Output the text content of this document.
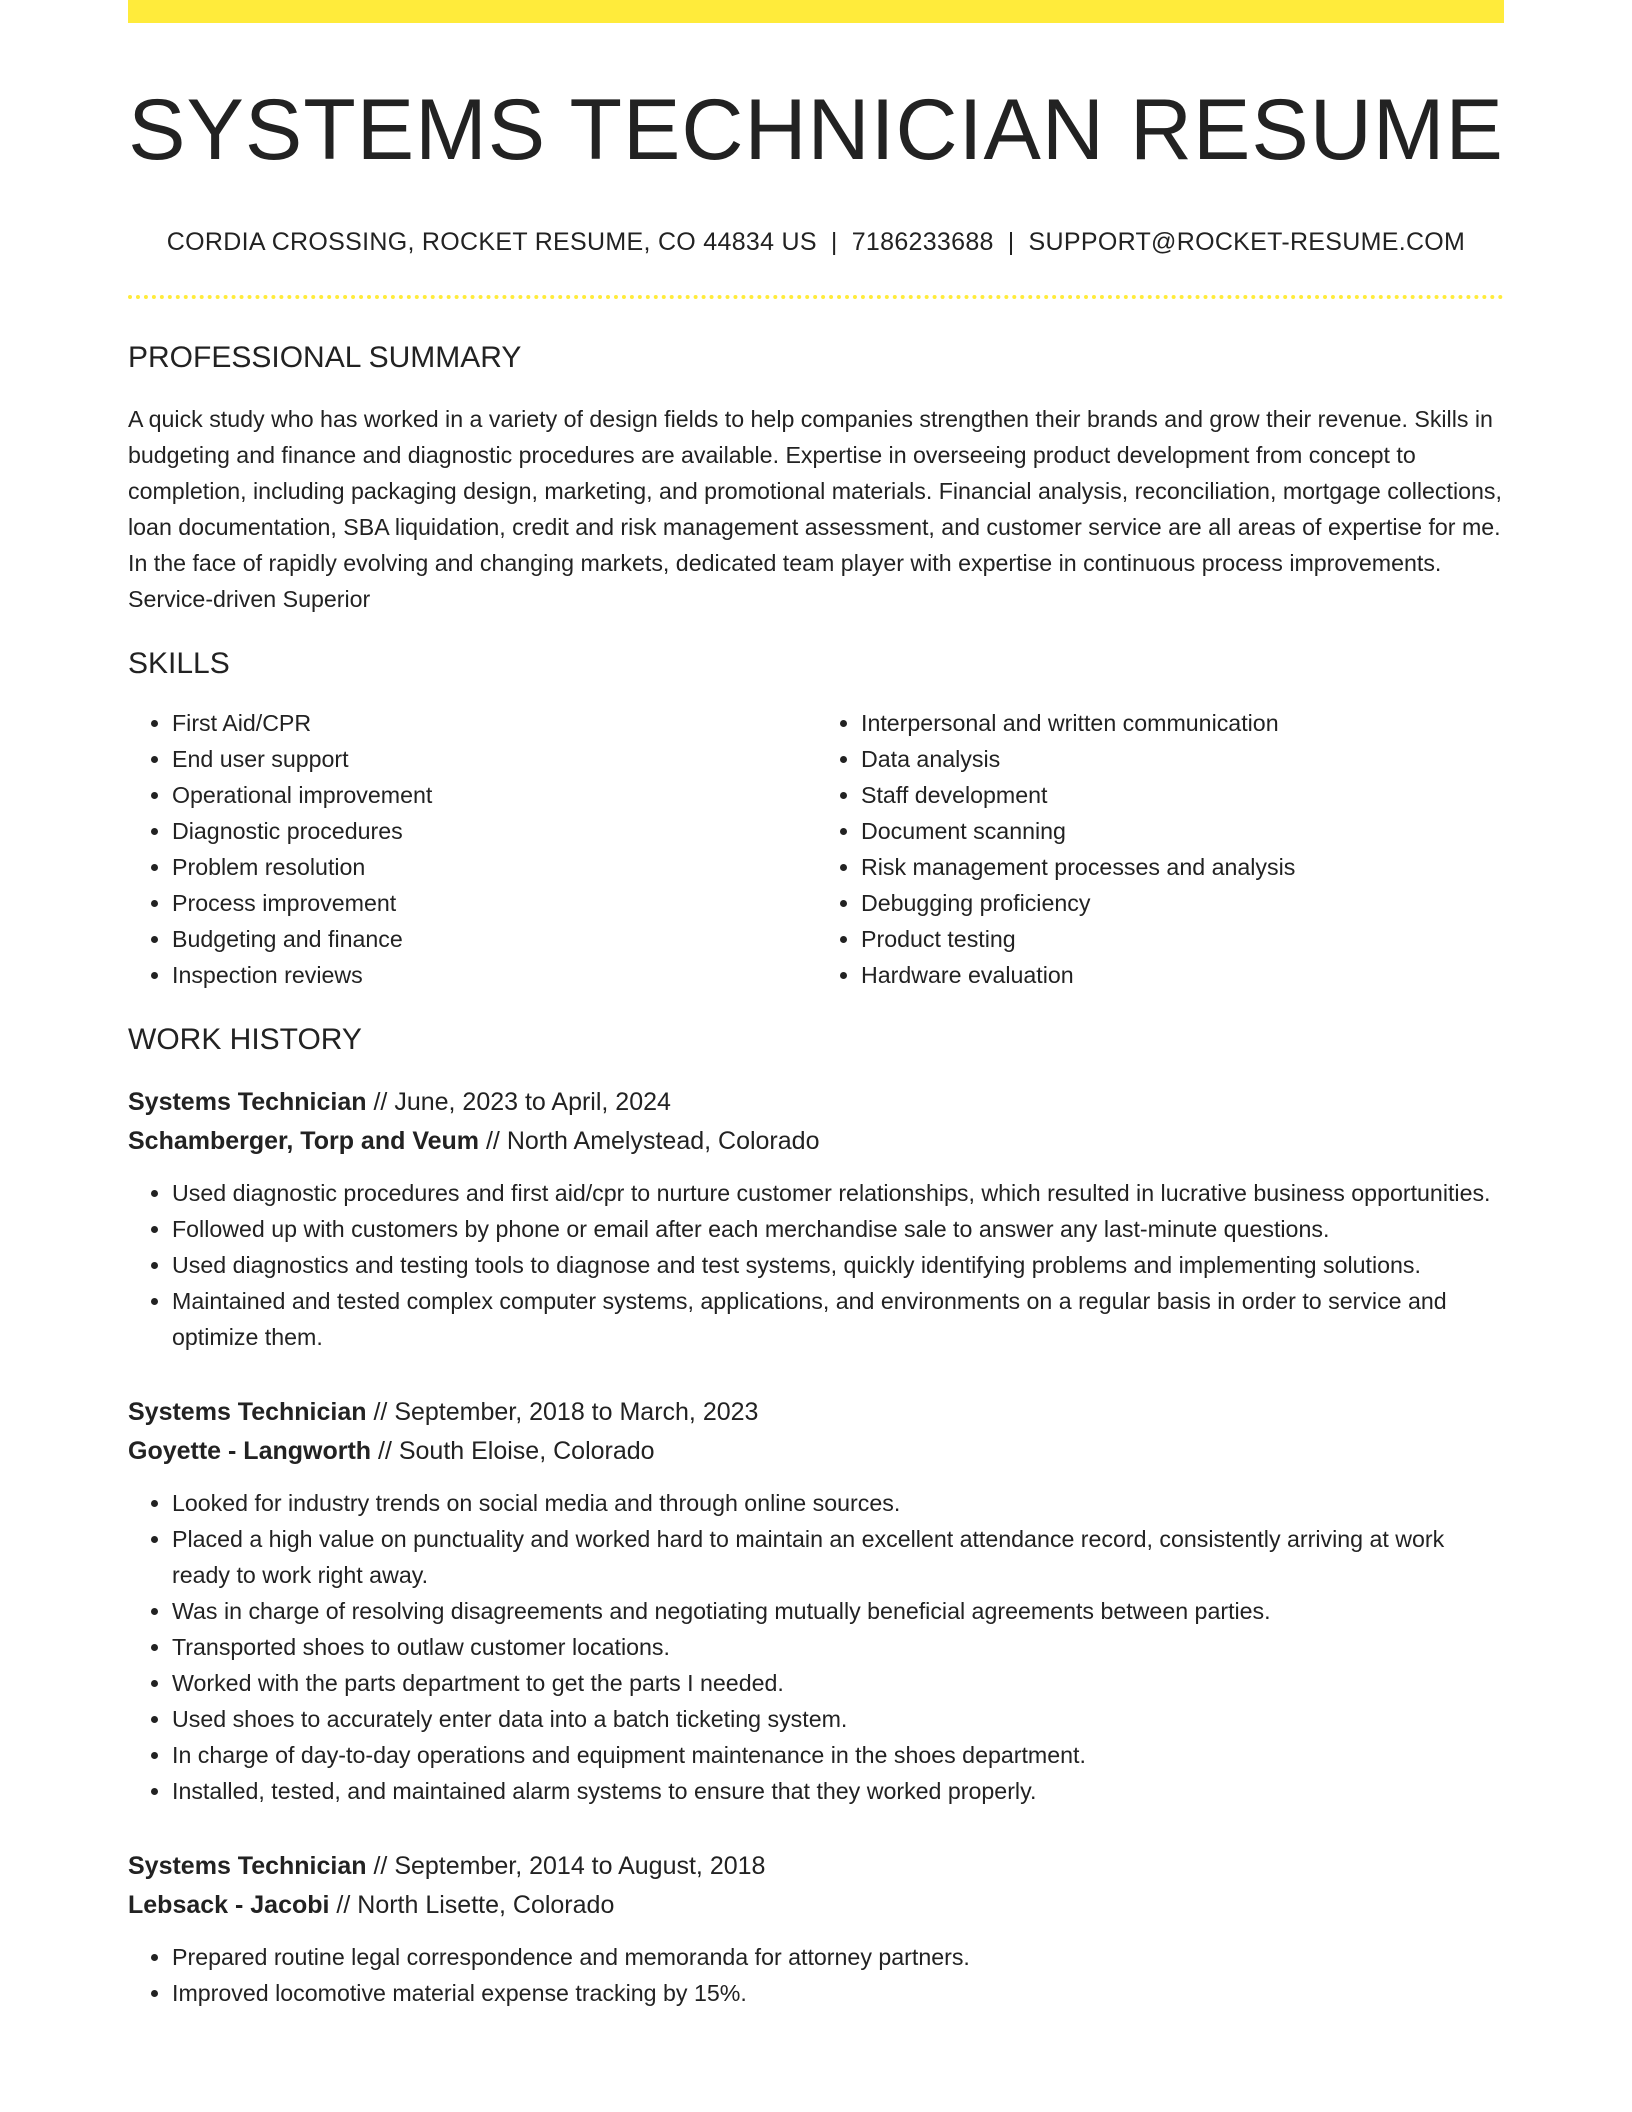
SYSTEMS TECHNICIAN RESUME
CORDIA CROSSING, ROCKET RESUME, CO 44834 US | 7186233688 | SUPPORT@ROCKET-RESUME.COM
PROFESSIONAL SUMMARY

A quick study who has worked in a variety of design fields to help companies strengthen their brands and grow their revenue. Skills in budgeting and finance and diagnostic procedures are available. Expertise in overseeing product development from concept to completion, including packaging design, marketing, and promotional materials. Financial analysis, reconciliation, mortgage collections, loan documentation, SBA liquidation, credit and risk management assessment, and customer service are all areas of expertise for me. In the face of rapidly evolving and changing markets, dedicated team player with expertise in continuous process improvements. Service-driven Superior

SKILLS
• First Aid/CPR
• End user support
• Operational improvement
• Diagnostic procedures
• Problem resolution
• Process improvement
• Budgeting and finance
• Inspection reviews
• Interpersonal and written communication
• Data analysis
• Staff development
• Document scanning
• Risk management processes and analysis
• Debugging proficiency
• Product testing
• Hardware evaluation
WORK HISTORY
Systems Technician // June, 2023 to April, 2024
Schamberger, Torp and Veum // North Amelystead, Colorado
• Used diagnostic procedures and first aid/cpr to nurture customer relationships, which resulted in lucrative business opportunities.
• Followed up with customers by phone or email after each merchandise sale to answer any last-minute questions.
• Used diagnostics and testing tools to diagnose and test systems, quickly identifying problems and implementing solutions.
• Maintained and tested complex computer systems, applications, and environments on a regular basis in order to service and optimize them.
Systems Technician // September, 2018 to March, 2023
Goyette - Langworth // South Eloise, Colorado
• Looked for industry trends on social media and through online sources.
• Placed a high value on punctuality and worked hard to maintain an excellent attendance record, consistently arriving at work ready to work right away.
• Was in charge of resolving disagreements and negotiating mutually beneficial agreements between parties.
• Transported shoes to outlaw customer locations.
• Worked with the parts department to get the parts I needed.
• Used shoes to accurately enter data into a batch ticketing system.
• In charge of day-to-day operations and equipment maintenance in the shoes department.
• Installed, tested, and maintained alarm systems to ensure that they worked properly.
Systems Technician // September, 2014 to August, 2018
Lebsack - Jacobi // North Lisette, Colorado
• Prepared routine legal correspondence and memoranda for attorney partners.
• Improved locomotive material expense tracking by 15%.
